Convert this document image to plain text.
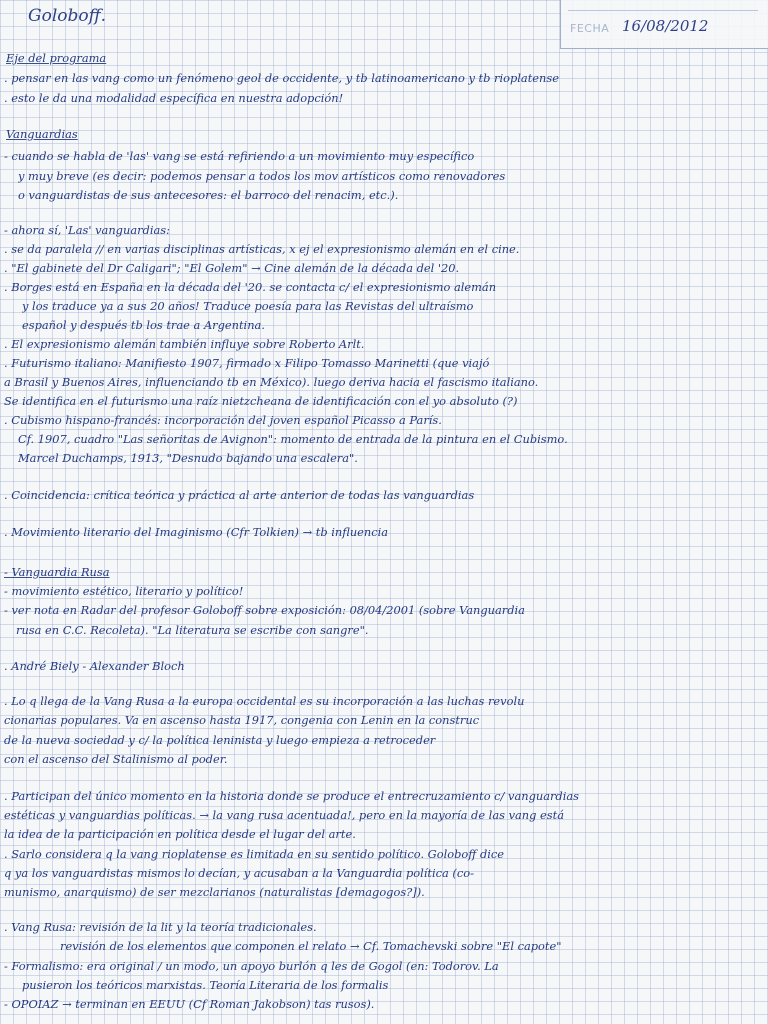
FECHA 16/08/2012
Goloboff.
Eje del programa
. pensar en las vang como un fenómeno geol de occidente, y tb latinoamericano y tb rioplatense
. esto le da una modalidad específica en nuestra adopción!
Vanguardias
- cuando se habla de 'las' vang se está refiriendo a un movimiento muy específico
y muy breve (es decir: podemos pensar a todos los mov artísticos como renovadores
o vanguardistas de sus antecesores: el barroco del renacim, etc.).
- ahora sí, 'Las' vanguardias:
. se da paralela // en varias disciplinas artísticas, x ej el expresionismo alemán en el cine.
. "El gabinete del Dr Caligari"; "El Golem" → Cine alemán de la década del '20.
. Borges está en España en la década del '20. se contacta c/ el expresionismo alemán
y los traduce ya a sus 20 años! Traduce poesía para las Revistas del ultraísmo
español y después tb los trae a Argentina.
. El expresionismo alemán también influye sobre Roberto Arlt.
. Futurismo italiano: Manifiesto 1907, firmado x Filipo Tomasso Marinetti (que viajó
a Brasil y Buenos Aires, influenciando tb en México). luego deriva hacia el fascismo italiano.
Se identifica en el futurismo una raíz nietzcheana de identificación con el yo absoluto (?)
. Cubismo hispano-francés: incorporación del joven español Picasso a París.
Cf. 1907, cuadro "Las señoritas de Avignon": momento de entrada de la pintura en el Cubismo.
Marcel Duchamps, 1913, "Desnudo bajando una escalera".
. Coincidencia: crítica teórica y práctica al arte anterior de todas las vanguardias
. Movimiento literario del Imaginismo (Cfr Tolkien) → tb influencia
- Vanguardia Rusa
- movimiento estético, literario y político!
- ver nota en Radar del profesor Goloboff sobre exposición: 08/04/2001 (sobre Vanguardia
rusa en C.C. Recoleta). "La literatura se escribe con sangre".
. André Biely - Alexander Bloch
. Lo q llega de la Vang Rusa a la europa occidental es su incorporación a las luchas revolu
cionarias populares. Va en ascenso hasta 1917, congenia con Lenin en la construc
de la nueva sociedad y c/ la política leninista y luego empieza a retroceder
con el ascenso del Stalinismo al poder.
. Participan del único momento en la historia donde se produce el entrecruzamiento c/ vanguardias
estéticas y vanguardias políticas. → la vang rusa acentuada!, pero en la mayoría de las vang está
la idea de la participación en política desde el lugar del arte.
. Sarlo considera q la vang rioplatense es limitada en su sentido político. Goloboff dice
q ya los vanguardistas mismos lo decían, y acusaban a la Vanguardia política (co-
munismo, anarquismo) de ser mezclarianos (naturalistas [demagogos?]).
. Vang Rusa: revisión de la lit y la teoría tradicionales.
revisión de los elementos que componen el relato → Cf. Tomachevski sobre "El capote"
- Formalismo: era original / un modo, un apoyo burlón q les de Gogol (en: Todorov. La
pusieron los teóricos marxistas. Teoría Literaria de los formalis
- OPOIAZ → terminan en EEUU (Cf Roman Jakobson) tas rusos).
